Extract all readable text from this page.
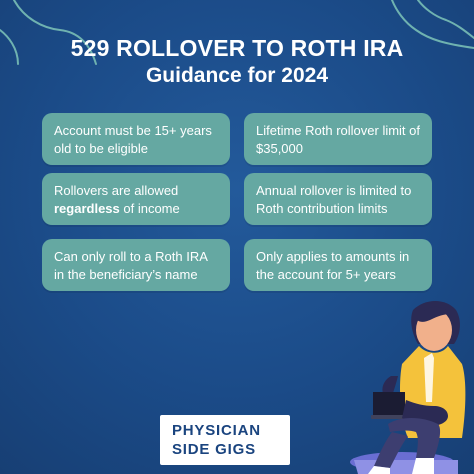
529 ROLLOVER TO ROTH IRA
Guidance for 2024
Account must be 15+ years old to be eligible
Lifetime Roth rollover limit of $35,000
Rollovers are allowed regardless of income
Annual rollover is limited to Roth contribution limits
Can only roll to a Roth IRA in the beneficiary’s name
Only applies to amounts in the account for 5+ years
PHYSICIAN
SIDE GIGS
